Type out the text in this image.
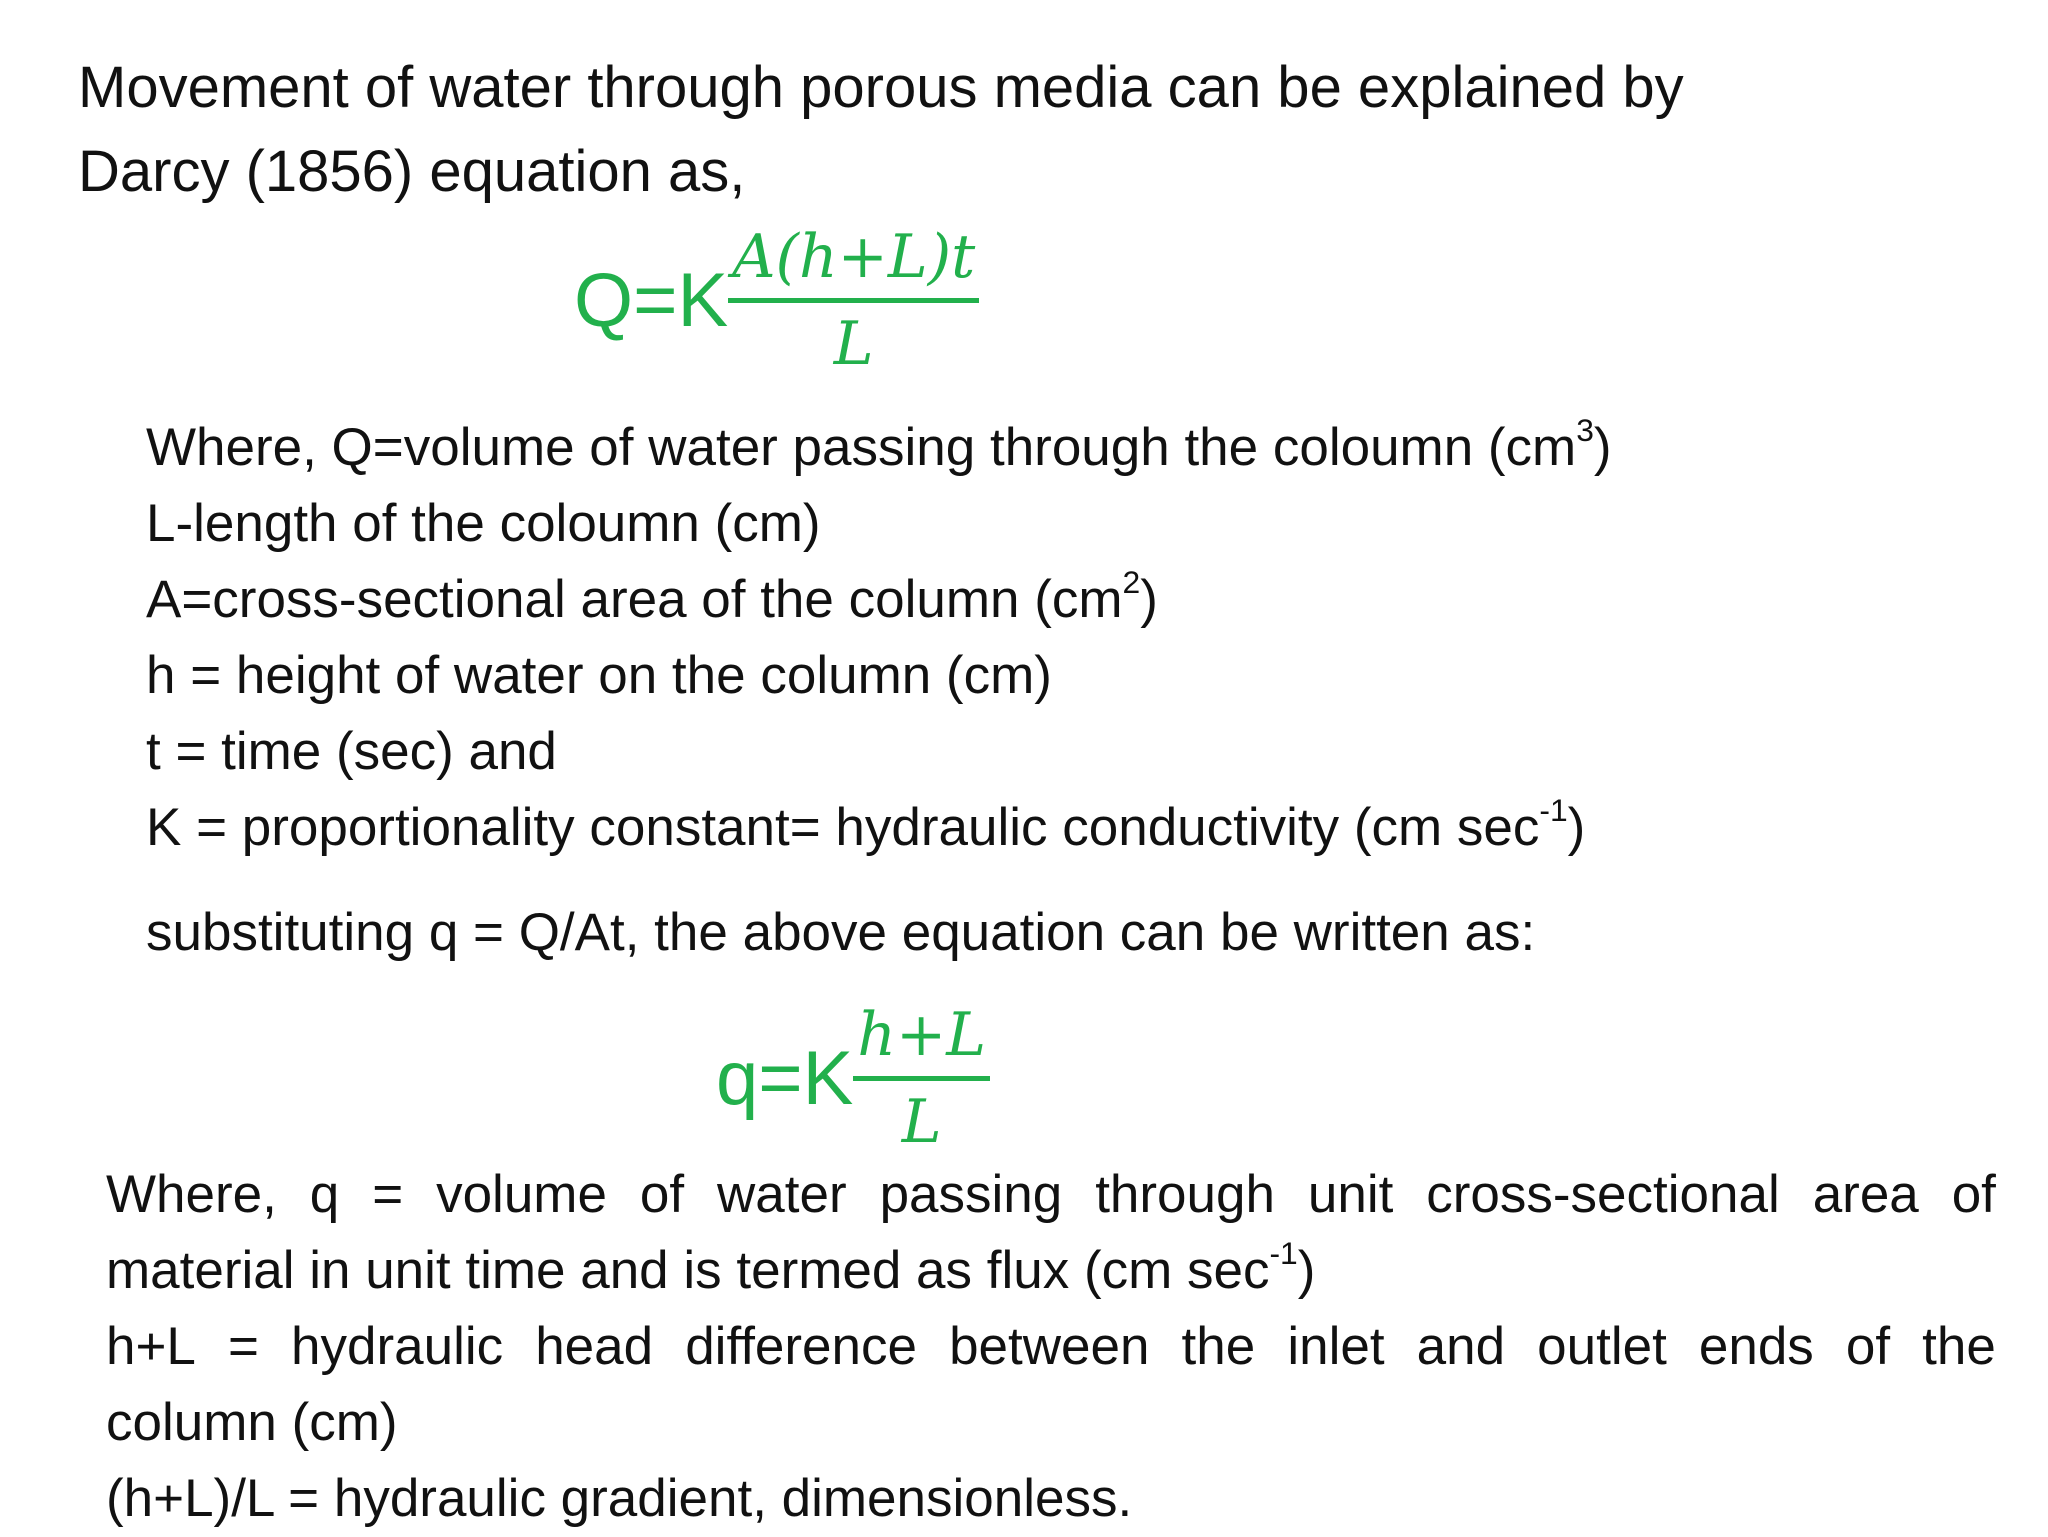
Movement of water through porous media can be explained by
Darcy (1856) equation as,

Q=K
A(h+L)t
L
Where, Q=volume of water passing through the coloumn $(cm^3)$
L-length of the coloumn (cm)
A=cross-sectional area of the column $(cm^2)$
h = height of water on the column (cm)
t = time (sec) and
K = proportionality constant= hydraulic conductivity (cm $\sec^{-1}$)
substituting q = Q/At, the above equation can be written as:
q=K
h+L
L
Where, q = volume of water passing through unit cross-sectional area of
material in unit time and is termed as flux (cm $\sec^{-1}$)
h+L = hydraulic head difference between the inlet and outlet ends of the
column (cm)
(h+L)/L = hydraulic gradient, dimensionless.
